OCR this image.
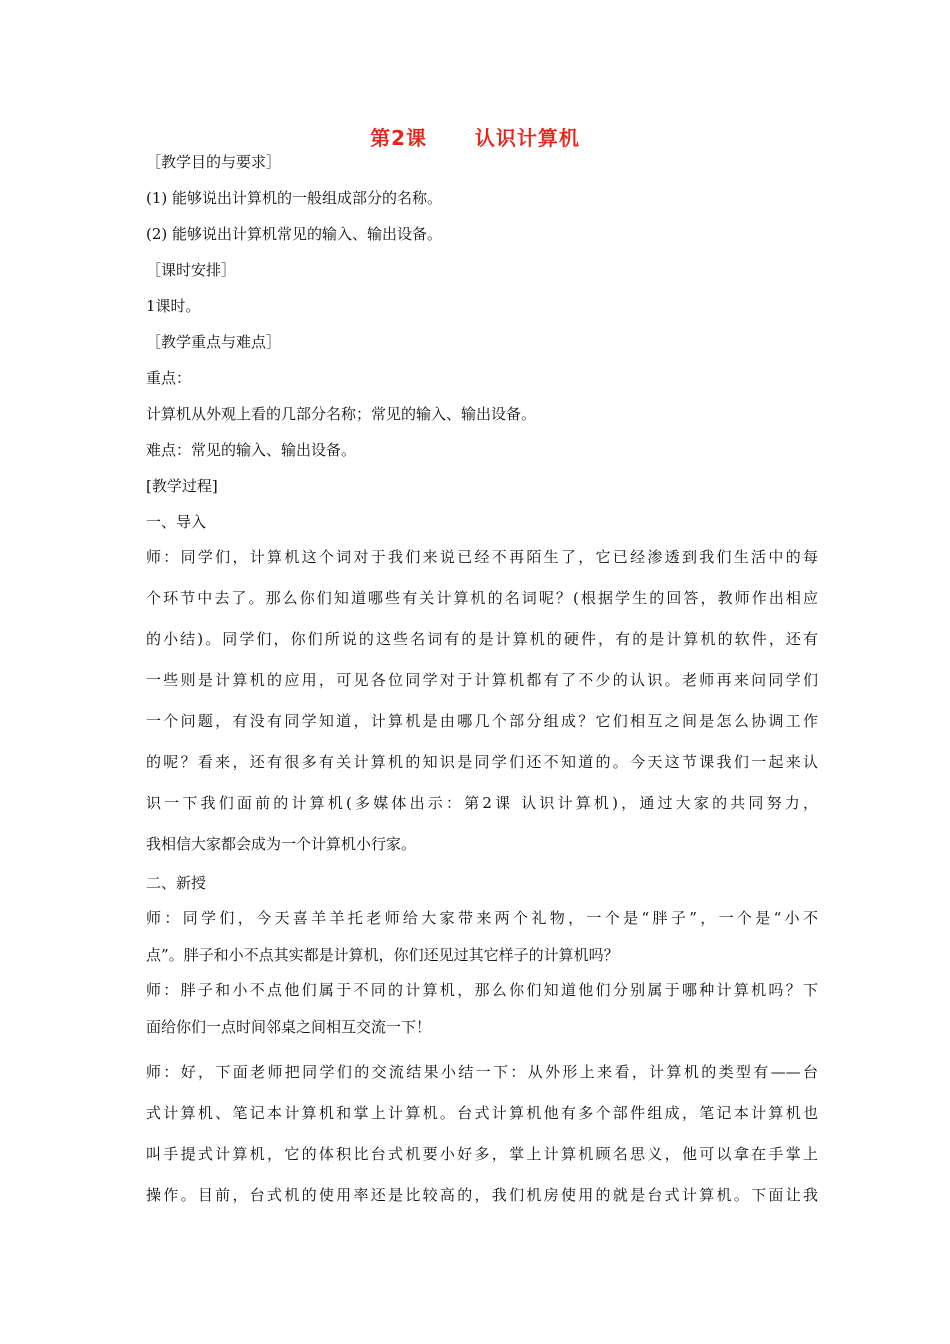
第2课      认识计算机
［教学目的与要求］
(1) 能够说出计算机的一般组成部分的名称。
(2) 能够说出计算机常见的输入、输出设备。
［课时安排］
1课时。
［教学重点与难点］
重点：
计算机从外观上看的几部分名称；常见的输入、输出设备。
难点：常见的输入、输出设备。
[教学过程]
一、导入
师：同学们，计算机这个词对于我们来说已经不再陌生了，它已经渗透到我们生活中的每
个环节中去了。那么你们知道哪些有关计算机的名词呢？(根据学生的回答，教师作出相应
的小结)。同学们，你们所说的这些名词有的是计算机的硬件，有的是计算机的软件，还有
一些则是计算机的应用，可见各位同学对于计算机都有了不少的认识。老师再来问同学们
一个问题，有没有同学知道，计算机是由哪几个部分组成？它们相互之间是怎么协调工作
的呢？看来，还有很多有关计算机的知识是同学们还不知道的。今天这节课我们一起来认
识一下我们面前的计算机(多媒体出示：第2课 认识计算机)，通过大家的共同努力，
我相信大家都会成为一个计算机小行家。
二、新授
师：同学们，今天喜羊羊托老师给大家带来两个礼物，一个是“胖子”，一个是“小不
点”。胖子和小不点其实都是计算机，你们还见过其它样子的计算机吗？
师：胖子和小不点他们属于不同的计算机，那么你们知道他们分别属于哪种计算机吗？下
面给你们一点时间邻桌之间相互交流一下！
师：好，下面老师把同学们的交流结果小结一下：从外形上来看，计算机的类型有——台
式计算机、笔记本计算机和掌上计算机。台式计算机他有多个部件组成，笔记本计算机也
叫手提式计算机，它的体积比台式机要小好多，掌上计算机顾名思义，他可以拿在手掌上
操作。目前，台式机的使用率还是比较高的，我们机房使用的就是台式计算机。下面让我
